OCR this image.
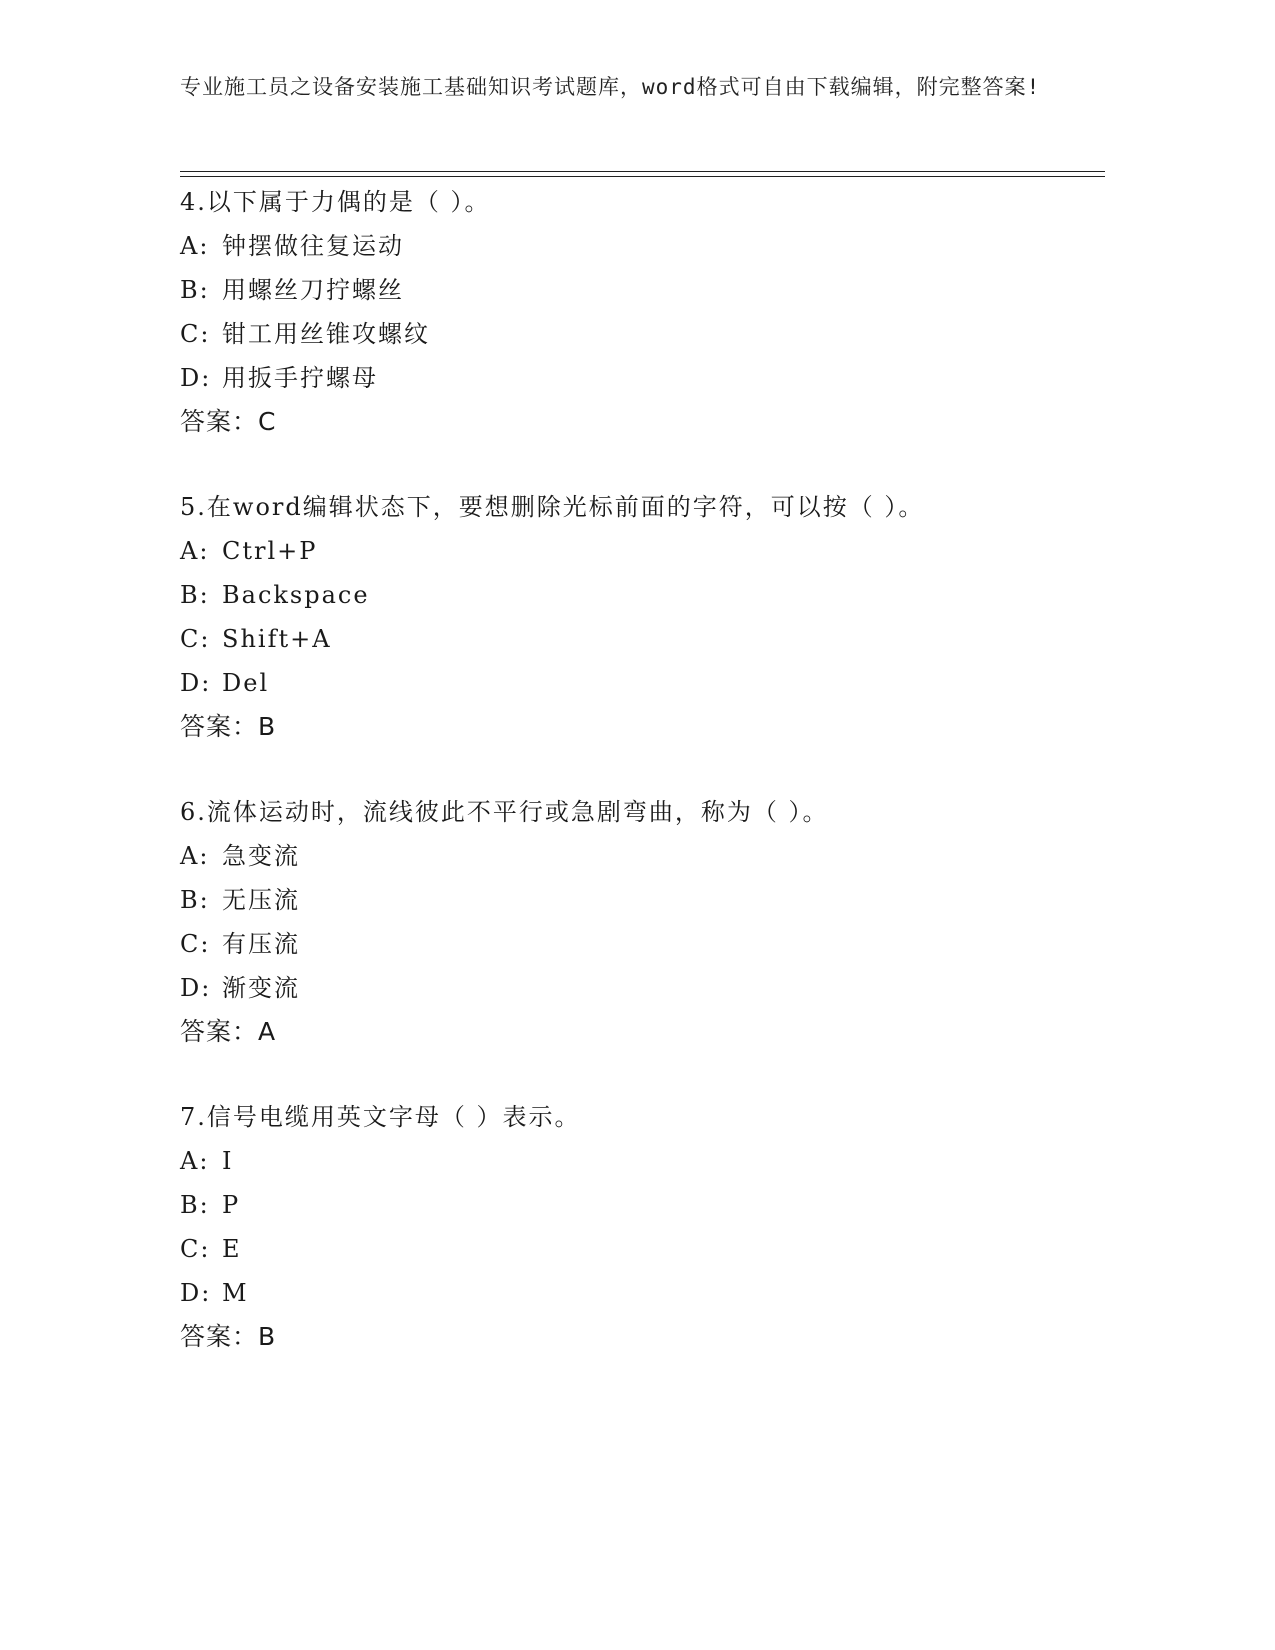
专业施工员之设备安装施工基础知识考试题库，word格式可自由下载编辑，附完整答案!
4.以下属于力偶的是（ ）。
A: 钟摆做往复运动
B: 用螺丝刀拧螺丝
C: 钳工用丝锥攻螺纹
D: 用扳手拧螺母
答案：C
5.在word编辑状态下，要想删除光标前面的字符，可以按（ ）。
A: Ctrl+P
B: Backspace
C: Shift+A
D: Del
答案：B
6.流体运动时，流线彼此不平行或急剧弯曲，称为（ ）。
A: 急变流
B: 无压流
C: 有压流
D: 渐变流
答案：A
7.信号电缆用英文字母（ ）表示。
A: I
B: P
C: E
D: M
答案：B
